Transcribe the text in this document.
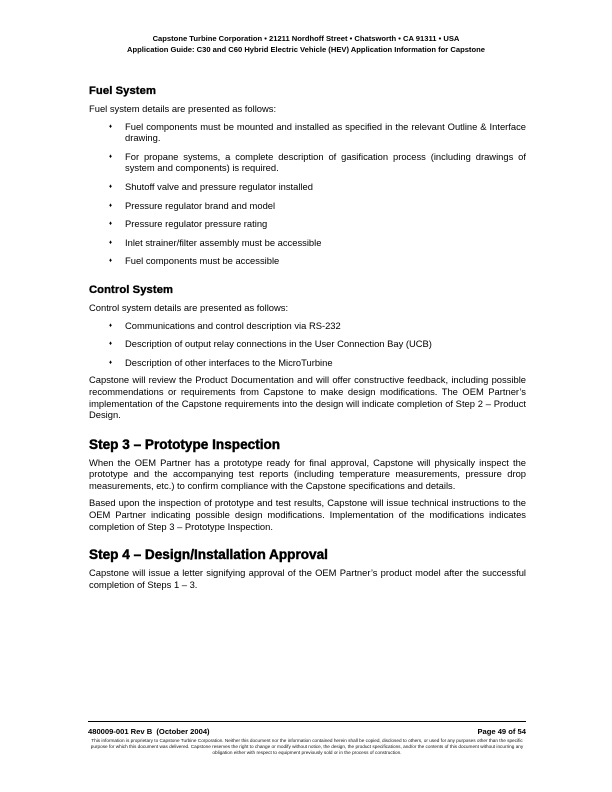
Capstone Turbine Corporation • 21211 Nordhoff Street • Chatsworth • CA 91311 • USA
Application Guide: C30 and C60 Hybrid Electric Vehicle (HEV) Application Information for Capstone
Fuel System

Fuel system details are presented as follows:

♦ Fuel components must be mounted and installed as specified in the relevant Outline & Interface drawing.
♦ For propane systems, a complete description of gasification process (including drawings of system and components) is required.
♦ Shutoff valve and pressure regulator installed
♦ Pressure regulator brand and model
♦ Pressure regulator pressure rating
♦ Inlet strainer/filter assembly must be accessible
♦ Fuel components must be accessible
Control System

Control system details are presented as follows:

♦ Communications and control description via RS-232
♦ Description of output relay connections in the User Connection Bay (UCB)
♦ Description of other interfaces to the MicroTurbine

Capstone will review the Product Documentation and will offer constructive feedback, including possible recommendations or requirements from Capstone to make design modifications. The OEM Partner’s implementation of the Capstone requirements into the design will indicate completion of Step 2 – Product Design.

Step 3 – Prototype Inspection

When the OEM Partner has a prototype ready for final approval, Capstone will physically inspect the prototype and the accompanying test reports (including temperature measurements, pressure drop measurements, etc.) to confirm compliance with the Capstone specifications and details.

Based upon the inspection of prototype and test results, Capstone will issue technical instructions to the OEM Partner indicating possible design modifications. Implementation of the modifications indicates completion of Step 3 – Prototype Inspection.

Step 4 – Design/Installation Approval

Capstone will issue a letter signifying approval of the OEM Partner’s product model after the successful completion of Steps 1 – 3.

480009-001 Rev B  (October 2004)	Page 49 of 54
This information is proprietary to Capstone Turbine Corporation. Neither this document nor the information contained herein shall be copied, disclosed to others, or used for any purposes other than the specific purpose for which this document was delivered. Capstone reserves the right to change or modify without notice, the design, the product specifications, and/or the contents of this document without incurring any obligation either with respect to equipment previously sold or in the process of construction.
